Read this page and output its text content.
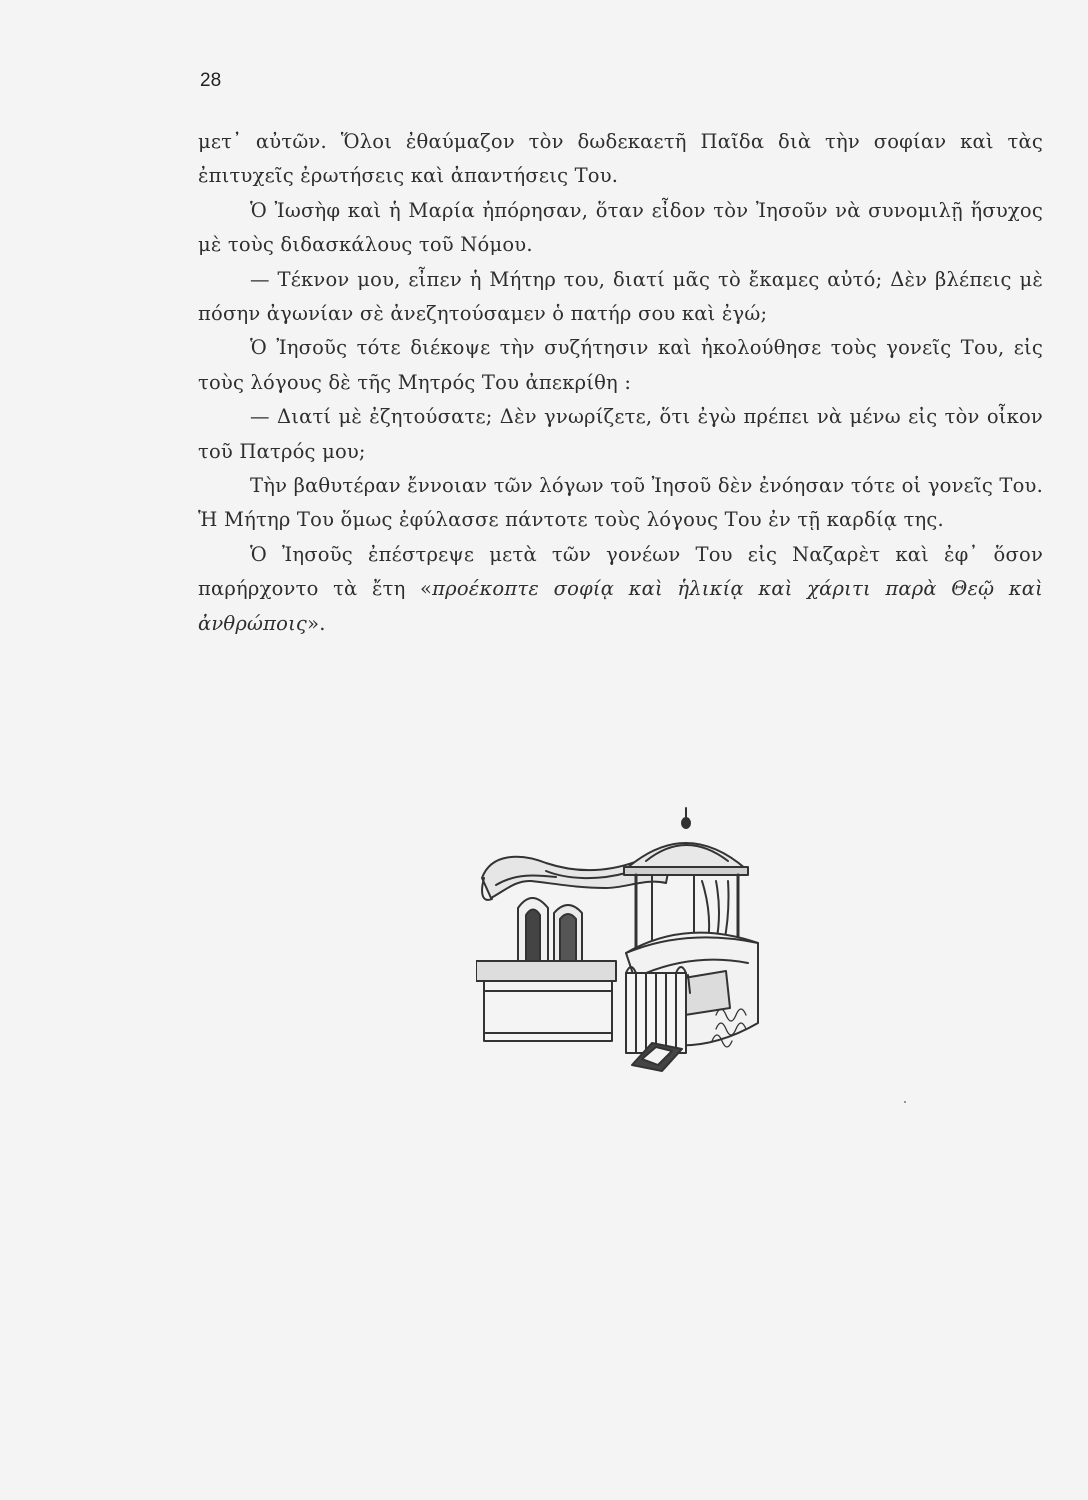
28

μετ᾽ αὐτῶν. Ὅλοι ἐθαύμαζον τὸν δωδεκαετῆ Παῖδα διὰ τὴν σοφίαν καὶ τὰς ἐπιτυχεῖς ἐρωτήσεις καὶ ἀπαντήσεις Του.

Ὁ Ἰωσὴφ καὶ ἡ Μαρία ἠπόρησαν, ὅταν εἶδον τὸν Ἰησοῦν νὰ συνομιλῇ ἥσυχος μὲ τοὺς διδασκάλους τοῦ Νόμου.

— Τέκνον μου, εἶπεν ἡ Μήτηρ του, διατί μᾶς τὸ ἔκαμες αὐτό; Δὲν βλέπεις μὲ πόσην ἀγωνίαν σὲ ἀνεζητούσαμεν ὁ πατήρ σου καὶ ἐγώ;

Ὁ Ἰησοῦς τότε διέκοψε τὴν συζήτησιν καὶ ἠκολούθησε τοὺς γονεῖς Του, εἰς τοὺς λόγους δὲ τῆς Μητρός Του ἀπεκρίθη :

— Διατί μὲ ἐζητούσατε; Δὲν γνωρίζετε, ὅτι ἐγὼ πρέπει νὰ μένω εἰς τὸν οἶκον τοῦ Πατρός μου;

Τὴν βαθυτέραν ἔννοιαν τῶν λόγων τοῦ Ἰησοῦ δὲν ἐνόησαν τότε οἱ γονεῖς Του. Ἡ Μήτηρ Του ὅμως ἐφύλασσε πάντοτε τοὺς λόγους Του ἐν τῇ καρδίᾳ της.

Ὁ Ἰησοῦς ἐπέστρεψε μετὰ τῶν γονέων Του εἰς Ναζαρὲτ καὶ ἐφ᾽ ὅσον παρήρχοντο τὰ ἔτη «προέκοπτε σοφίᾳ καὶ ἡλικίᾳ καὶ χάριτι παρὰ Θεῷ καὶ ἀνθρώποις».
